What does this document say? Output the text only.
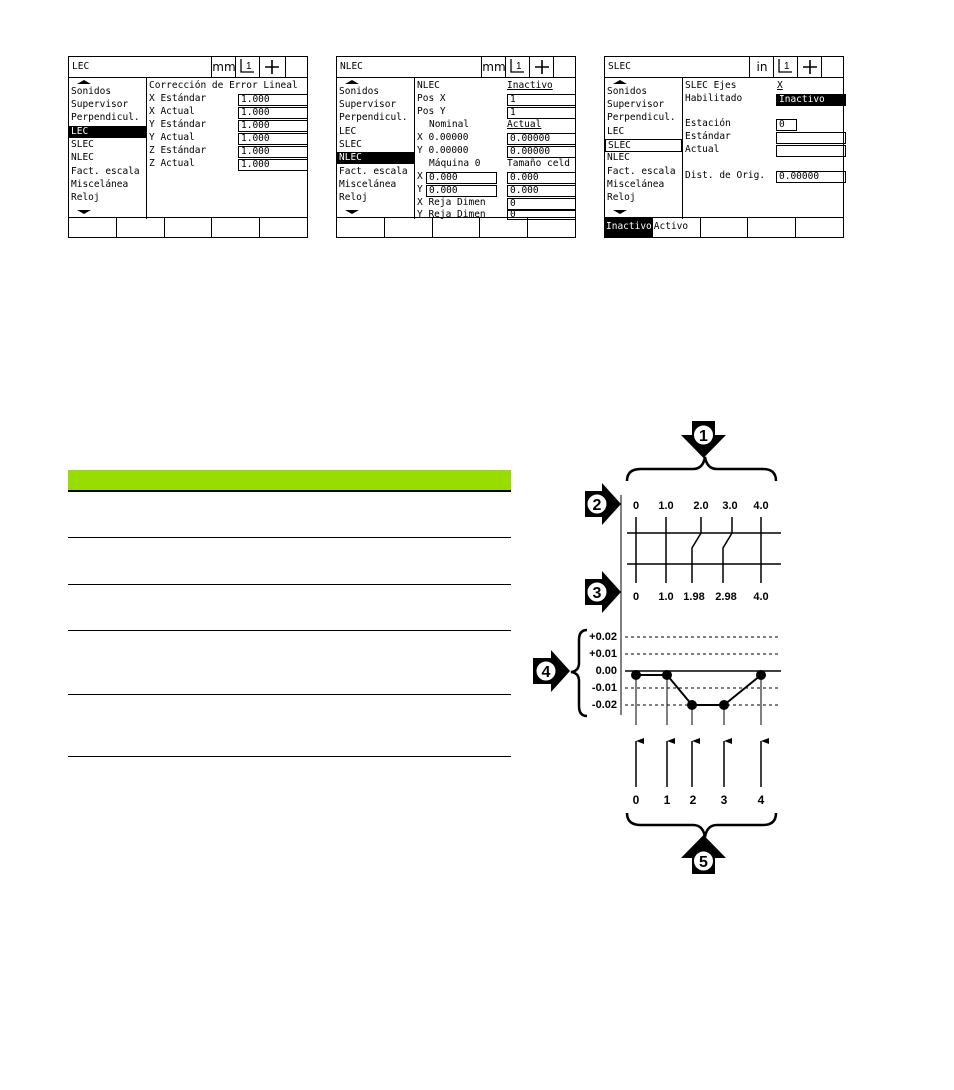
LEC	mm 1
Sonidos
Supervisor
Perpendicul.
LEC
SLEC
NLEC
Fact. escala
Misceláneа
Reloj
Corrección de Error Lineal
X Estándar	1.000
X Actual	1.000
Y Estándar	1.000
Y Actual	1.000
Z Estándar	1.000
Z Actual	1.000
NLEC	mm 1
Sonidos
Supervisor
Perpendicul.
LEC
SLEC
NLEC
Fact. escala
Miscelánea
Reloj
NLEC	Inactivo
Pos X	1
Pos Y	1
Nominal	Actual
X 0.00000	0.00000
Y 0.00000	0.00000
Máquina 0	Tamaño celd
X 0.000	0.000
Y 0.000	0.000
X Reja Dimen	0
Y Reja Dimen	0
SLEC	in	1
Sonidos
Supervisor
Perpendicul.
LEC
SLEC
NLEC
Fact. escala
Miscelánea
Reloj
SLEC Ejes	X
Habilitado	Inactivo
Estación	0
Estándar
Actual
Dist. de Orig.	0.00000
Inactivo Activo
1
2	0 1.0 2.0 3.0 4.0
3	0 1.0 1.98 2.98 4.0
4
+0.02
+0.01
0.00
-0.01
-0.02
0 1 2 3	4
5
